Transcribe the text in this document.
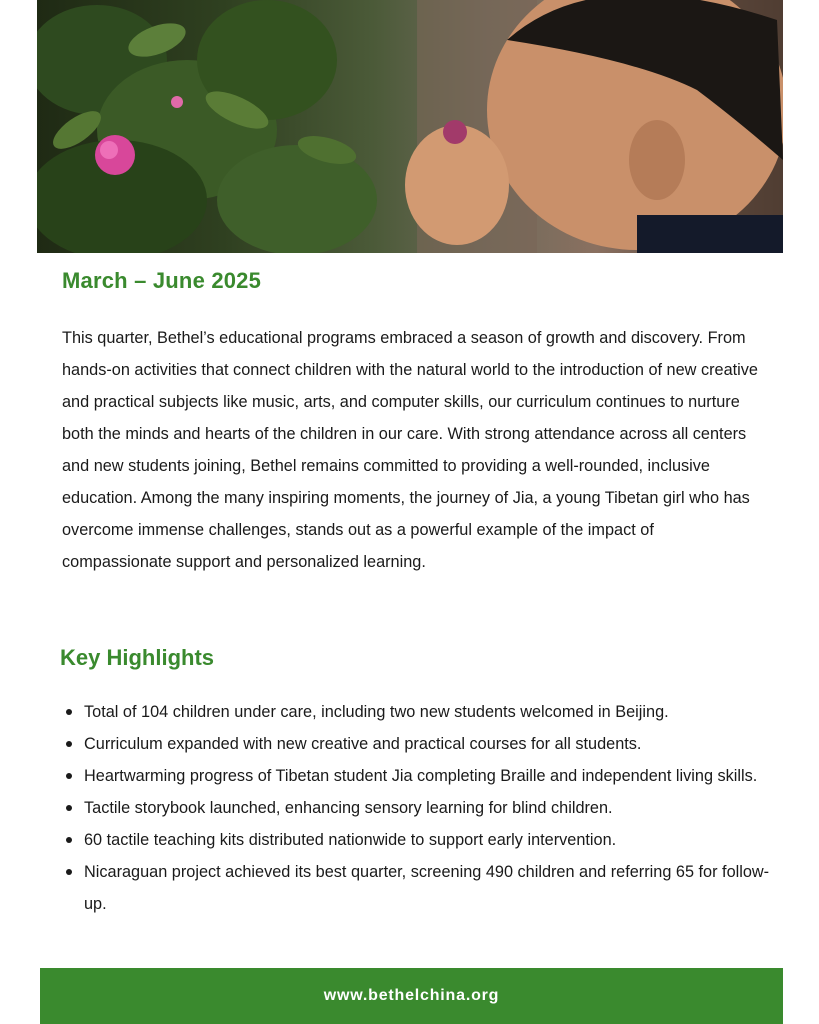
March – June 2025

This quarter, Bethel’s educational programs embraced a season of growth and discovery. From hands-on activities that connect children with the natural world to the introduction of new creative and practical subjects like music, arts, and computer skills, our curriculum continues to nurture both the minds and hearts of the children in our care. With strong attendance across all centers and new students joining, Bethel remains committed to providing a well-rounded, inclusive education. Among the many inspiring moments, the journey of Jia, a young Tibetan girl who has overcome immense challenges, stands out as a powerful example of the impact of compassionate support and personalized learning.

Key Highlights
Total of 104 children under care, including two new students welcomed in Beijing.
Curriculum expanded with new creative and practical courses for all students.
Heartwarming progress of Tibetan student Jia completing Braille and independent living skills.
Tactile storybook launched, enhancing sensory learning for blind children.
60 tactile teaching kits distributed nationwide to support early intervention.
Nicaraguan project achieved its best quarter, screening 490 children and referring 65 for follow-up.
www.bethelchina.org
